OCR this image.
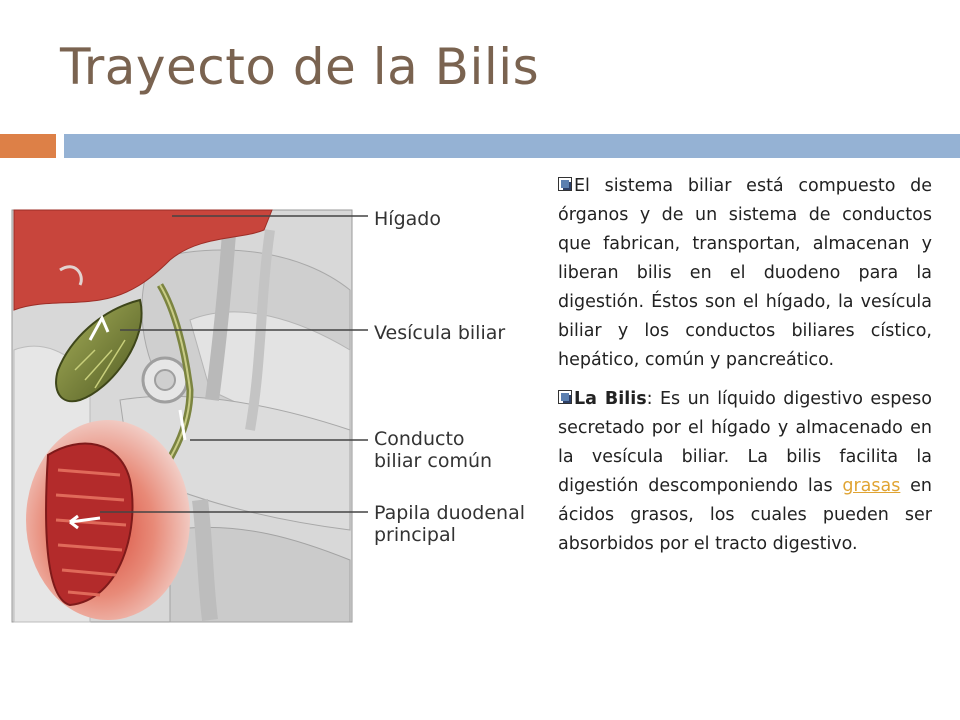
Trayecto de la Bilis
Hígado
Vesícula biliar
Conducto
biliar común
Papila duodenal
principal

El sistema biliar está compuesto de órganos y de un sistema de conductos que fabrican, transportan, almacenan y liberan bilis en el duodeno para la digestión. Éstos son el hígado, la vesícula biliar y los conductos biliares cístico, hepático, común y pancreático.

La Bilis: Es un líquido digestivo espeso secretado por el hígado y almacenado en la vesícula biliar. La bilis facilita la digestión descomponiendo las grasas en ácidos grasos, los cuales pueden ser absorbidos por el tracto digestivo.
